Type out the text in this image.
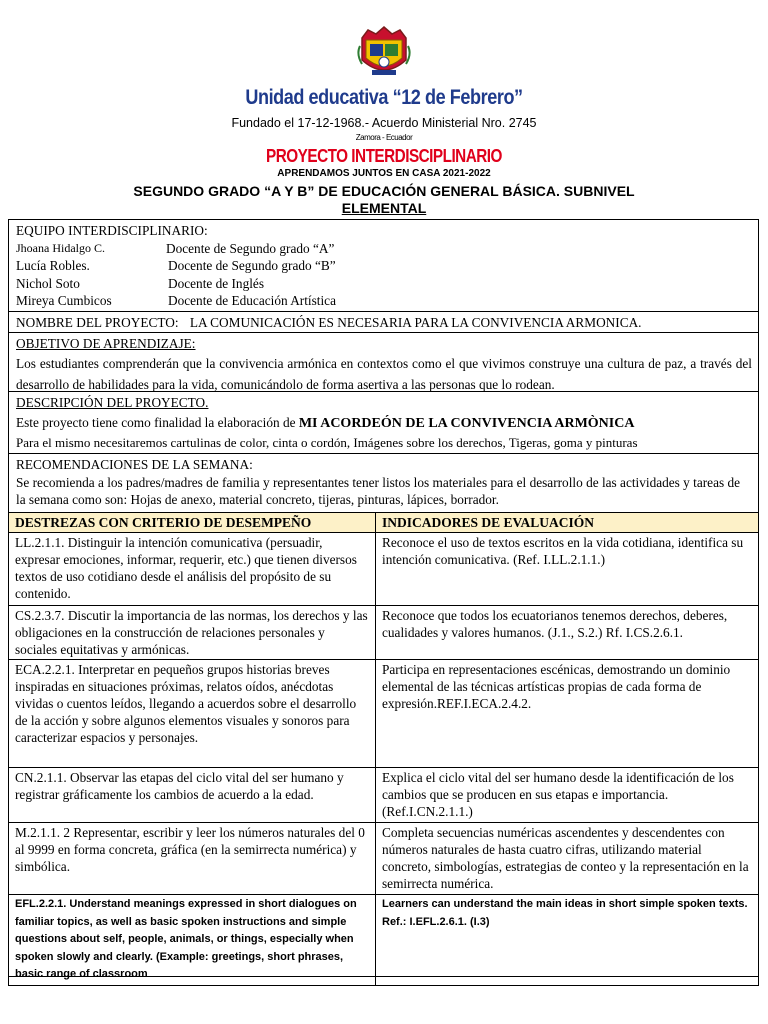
Unidad educativa “12 de Febrero”
Fundado el 17-12-1968.- Acuerdo Ministerial Nro. 2745
Zamora - Ecuador
PROYECTO INTERDISCIPLINARIO
APRENDAMOS JUNTOS EN CASA 2021-2022
SEGUNDO GRADO “A Y B” DE EDUCACIÓN GENERAL BÁSICA. SUBNIVEL
ELEMENTAL
EQUIPO INTERDISCIPLINARIO:
Jhoana Hidalgo C.	Docente de Segundo grado “A”
Lucía Robles.	Docente de Segundo grado “B”
Nichol Soto	Docente de Inglés
Mireya Cumbicos	Docente de Educación Artística
NOMBRE DEL PROYECTO: LA COMUNICACIÓN ES NECESARIA PARA LA CONVIVENCIA ARMONICA.
OBJETIVO DE APRENDIZAJE:
Los estudiantes comprenderán que la convivencia armónica en contextos como el que vivimos construye una cultura de paz, a través del desarrollo de habilidades para la vida, comunicándolo de forma asertiva a las personas que lo rodean.
DESCRIPCIÓN DEL PROYECTO.
Este proyecto tiene como finalidad la elaboración de MI ACORDEÓN DE LA CONVIVENCIA ARMÒNICA
Para el mismo necesitaremos cartulinas de color, cinta o cordón, Imágenes sobre los derechos, Tigeras, goma y pinturas
RECOMENDACIONES DE LA SEMANA:
Se recomienda a los padres/madres de familia y representantes tener listos los materiales para el desarrollo de las actividades y tareas de la semana como son: Hojas de anexo, material concreto, tijeras, pinturas, lápices, borrador.
DESTREZAS CON CRITERIO DE DESEMPEÑO	INDICADORES DE EVALUACIÓN
LL.2.1.1. Distinguir la intención comunicativa (persuadir, expresar emociones, informar, requerir, etc.) que tienen diversos textos de uso cotidiano desde el análisis del propósito de su contenido.	Reconoce el uso de textos escritos en la vida cotidiana, identifica su intención comunicativa. (Ref. I.LL.2.1.1.)
CS.2.3.7. Discutir la importancia de las normas, los derechos y las obligaciones en la construcción de relaciones personales y sociales equitativas y armónicas.	Reconoce que todos los ecuatorianos tenemos derechos, deberes, cualidades y valores humanos. (J.1., S.2.) Rf. I.CS.2.6.1.
ECA.2.2.1. Interpretar en pequeños grupos historias breves inspiradas en situaciones próximas, relatos oídos, anécdotas vividas o cuentos leídos, llegando a acuerdos sobre el desarrollo de la acción y sobre algunos elementos visuales y sonoros para caracterizar espacios y personajes.	Participa en representaciones escénicas, demostrando un dominio elemental de las técnicas artísticas propias de cada forma de expresión.REF.I.ECA.2.4.2.
CN.2.1.1. Observar las etapas del ciclo vital del ser humano y registrar gráficamente los cambios de acuerdo a la edad.	Explica el ciclo vital del ser humano desde la identificación de los cambios que se producen en sus etapas e importancia. (Ref.I.CN.2.1.1.)
M.2.1.1. 2 Representar, escribir y leer los números naturales del 0 al 9999 en forma concreta, gráfica (en la semirrecta numérica) y simbólica.	Completa secuencias numéricas ascendentes y descendentes con números naturales de hasta cuatro cifras, utilizando material concreto, simbologías, estrategias de conteo y la representación en la semirrecta numérica.
EFL.2.2.1. Understand meanings expressed in short dialogues on familiar topics, as well as basic spoken instructions and simple questions about self, people, animals, or things, especially when spoken slowly and clearly. (Example: greetings, short phrases, basic range of classroom	Learners can understand the main ideas in short simple spoken texts. Ref.: I.EFL.2.6.1. (I.3)
